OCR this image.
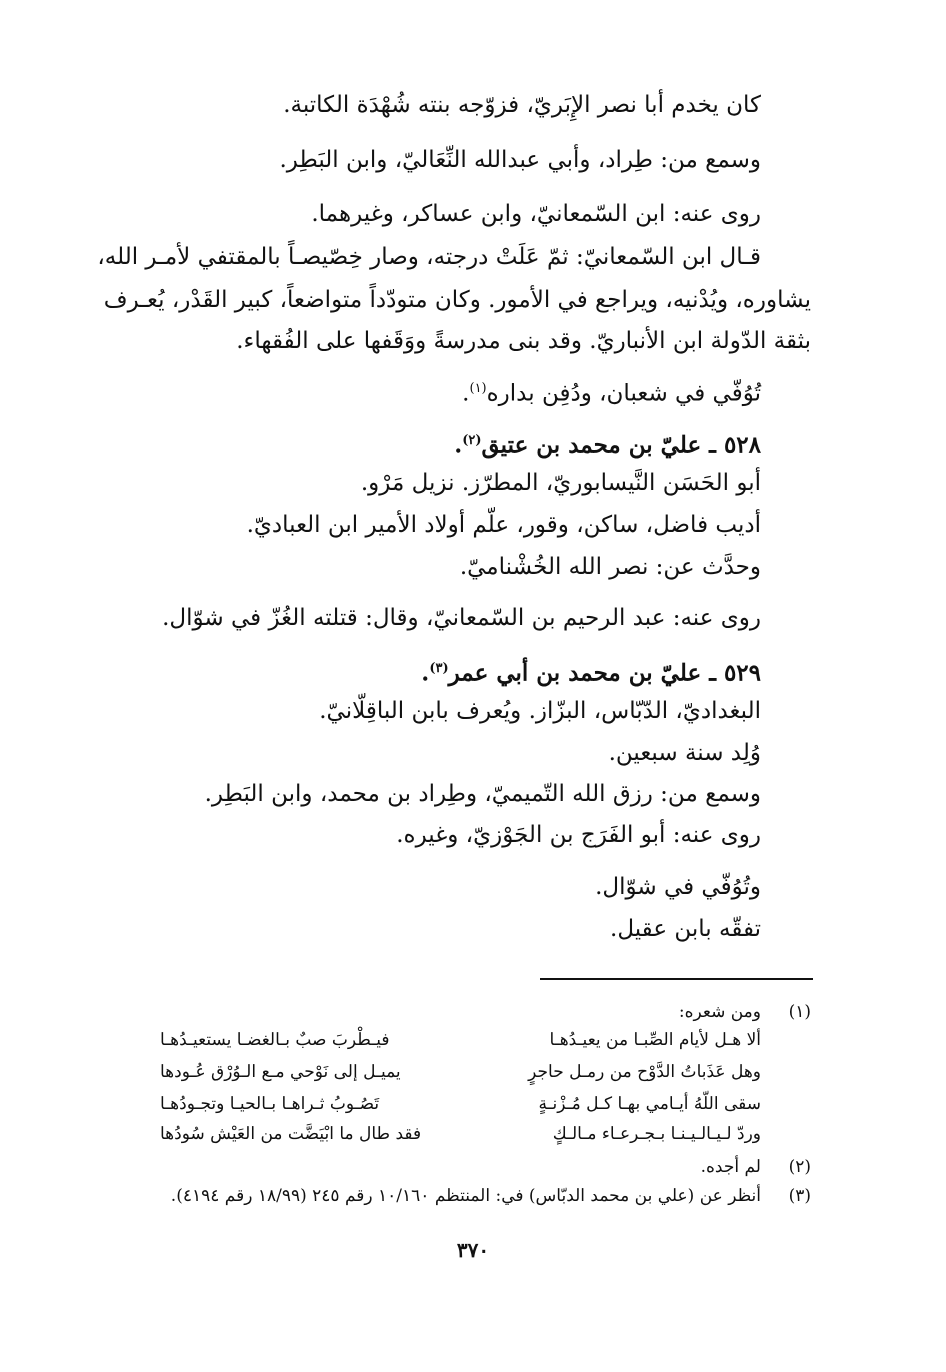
كان يخدم أبا نصر الإِبَريّ، فزوّجه بنته شُهْدَة الكاتبة.
وسمع من: طِراد، وأبي عبدالله النِّعَاليّ، وابن البَطِر.
روى عنه: ابن السّمعانيّ، وابن عساكر، وغيرهما.
قـال ابن السّمعانيّ: ثمّ عَلَتْ درجته، وصار خِصّيصـاً بالمقتفي لأمـر الله،
يشاوره، ويُدْنيه، ويراجع في الأمور. وكان متودّداً متواضعاً، كبير القَدْر، يُعـرف
بثقة الدّولة ابن الأنباريّ. وقد بنى مدرسةً ووَقَفها على الفُقهاء.
تُوُفّي في شعبان، ودُفِن بداره$^{(١)}$.
٥٢٨ ـ عليّ بن محمد بن عتيق$^{(٢)}$.
أبو الحَسَن النَّيسابوريّ، المطرّز. نزيل مَرْو.
أديب فاضل، ساكن، وقور، علّم أولاد الأمير ابن العباديّ.
وحدَّث عن: نصر الله الخُشْناميّ.
روى عنه: عبد الرحيم بن السّمعانيّ، وقال: قتلته الغُزّ في شوّال.
٥٢٩ ـ عليّ بن محمد بن أبي عمر$^{(٣)}$.
البغداديّ، الدّبّاس، البزّاز. ويُعرف بابن الباقِلّانيّ.
وُلِد سنة سبعين.
وسمع من: رزق الله التّميميّ، وطِراد بن محمد، وابن البَطِر.
روى عنه: أبو الفَرَج بن الجَوْزيّ، وغيره.
وتُوُفّي في شوّال.
تفقّه بابن عقيل.
(١)
ومن شعره:
ألا هـل لأيام الصِّبـا من يعيـدُهـا
فيـطْربَ صبٌ بـالغضـا يستعيـدُهـا
وهل عَذَباتُ الدَّوْح من رمـل حاجرٍ
يميـل إلى نَوْحي مـع الـوُرْق عُـودها
سقى اللّهُ أيـامي بهـا كـل مُـزْنـةٍ
تَصُـوبُ ثـراهـا بـالحيـا وتجـودُهـا
وردّ لـيـالـيـنـا بـجـرعـاء مـالـكٍ
فقد طال ما ابْيَضَّت من العَيْش سُودُها
(٢)
لم أجده.
(٣)
أنظر عن (علي بن محمد الدبّاس) في: المنتظم ١٠/١٦٠ رقم ٢٤٥ (١٨/٩٩ رقم ٤١٩٤).
٣٧٠
